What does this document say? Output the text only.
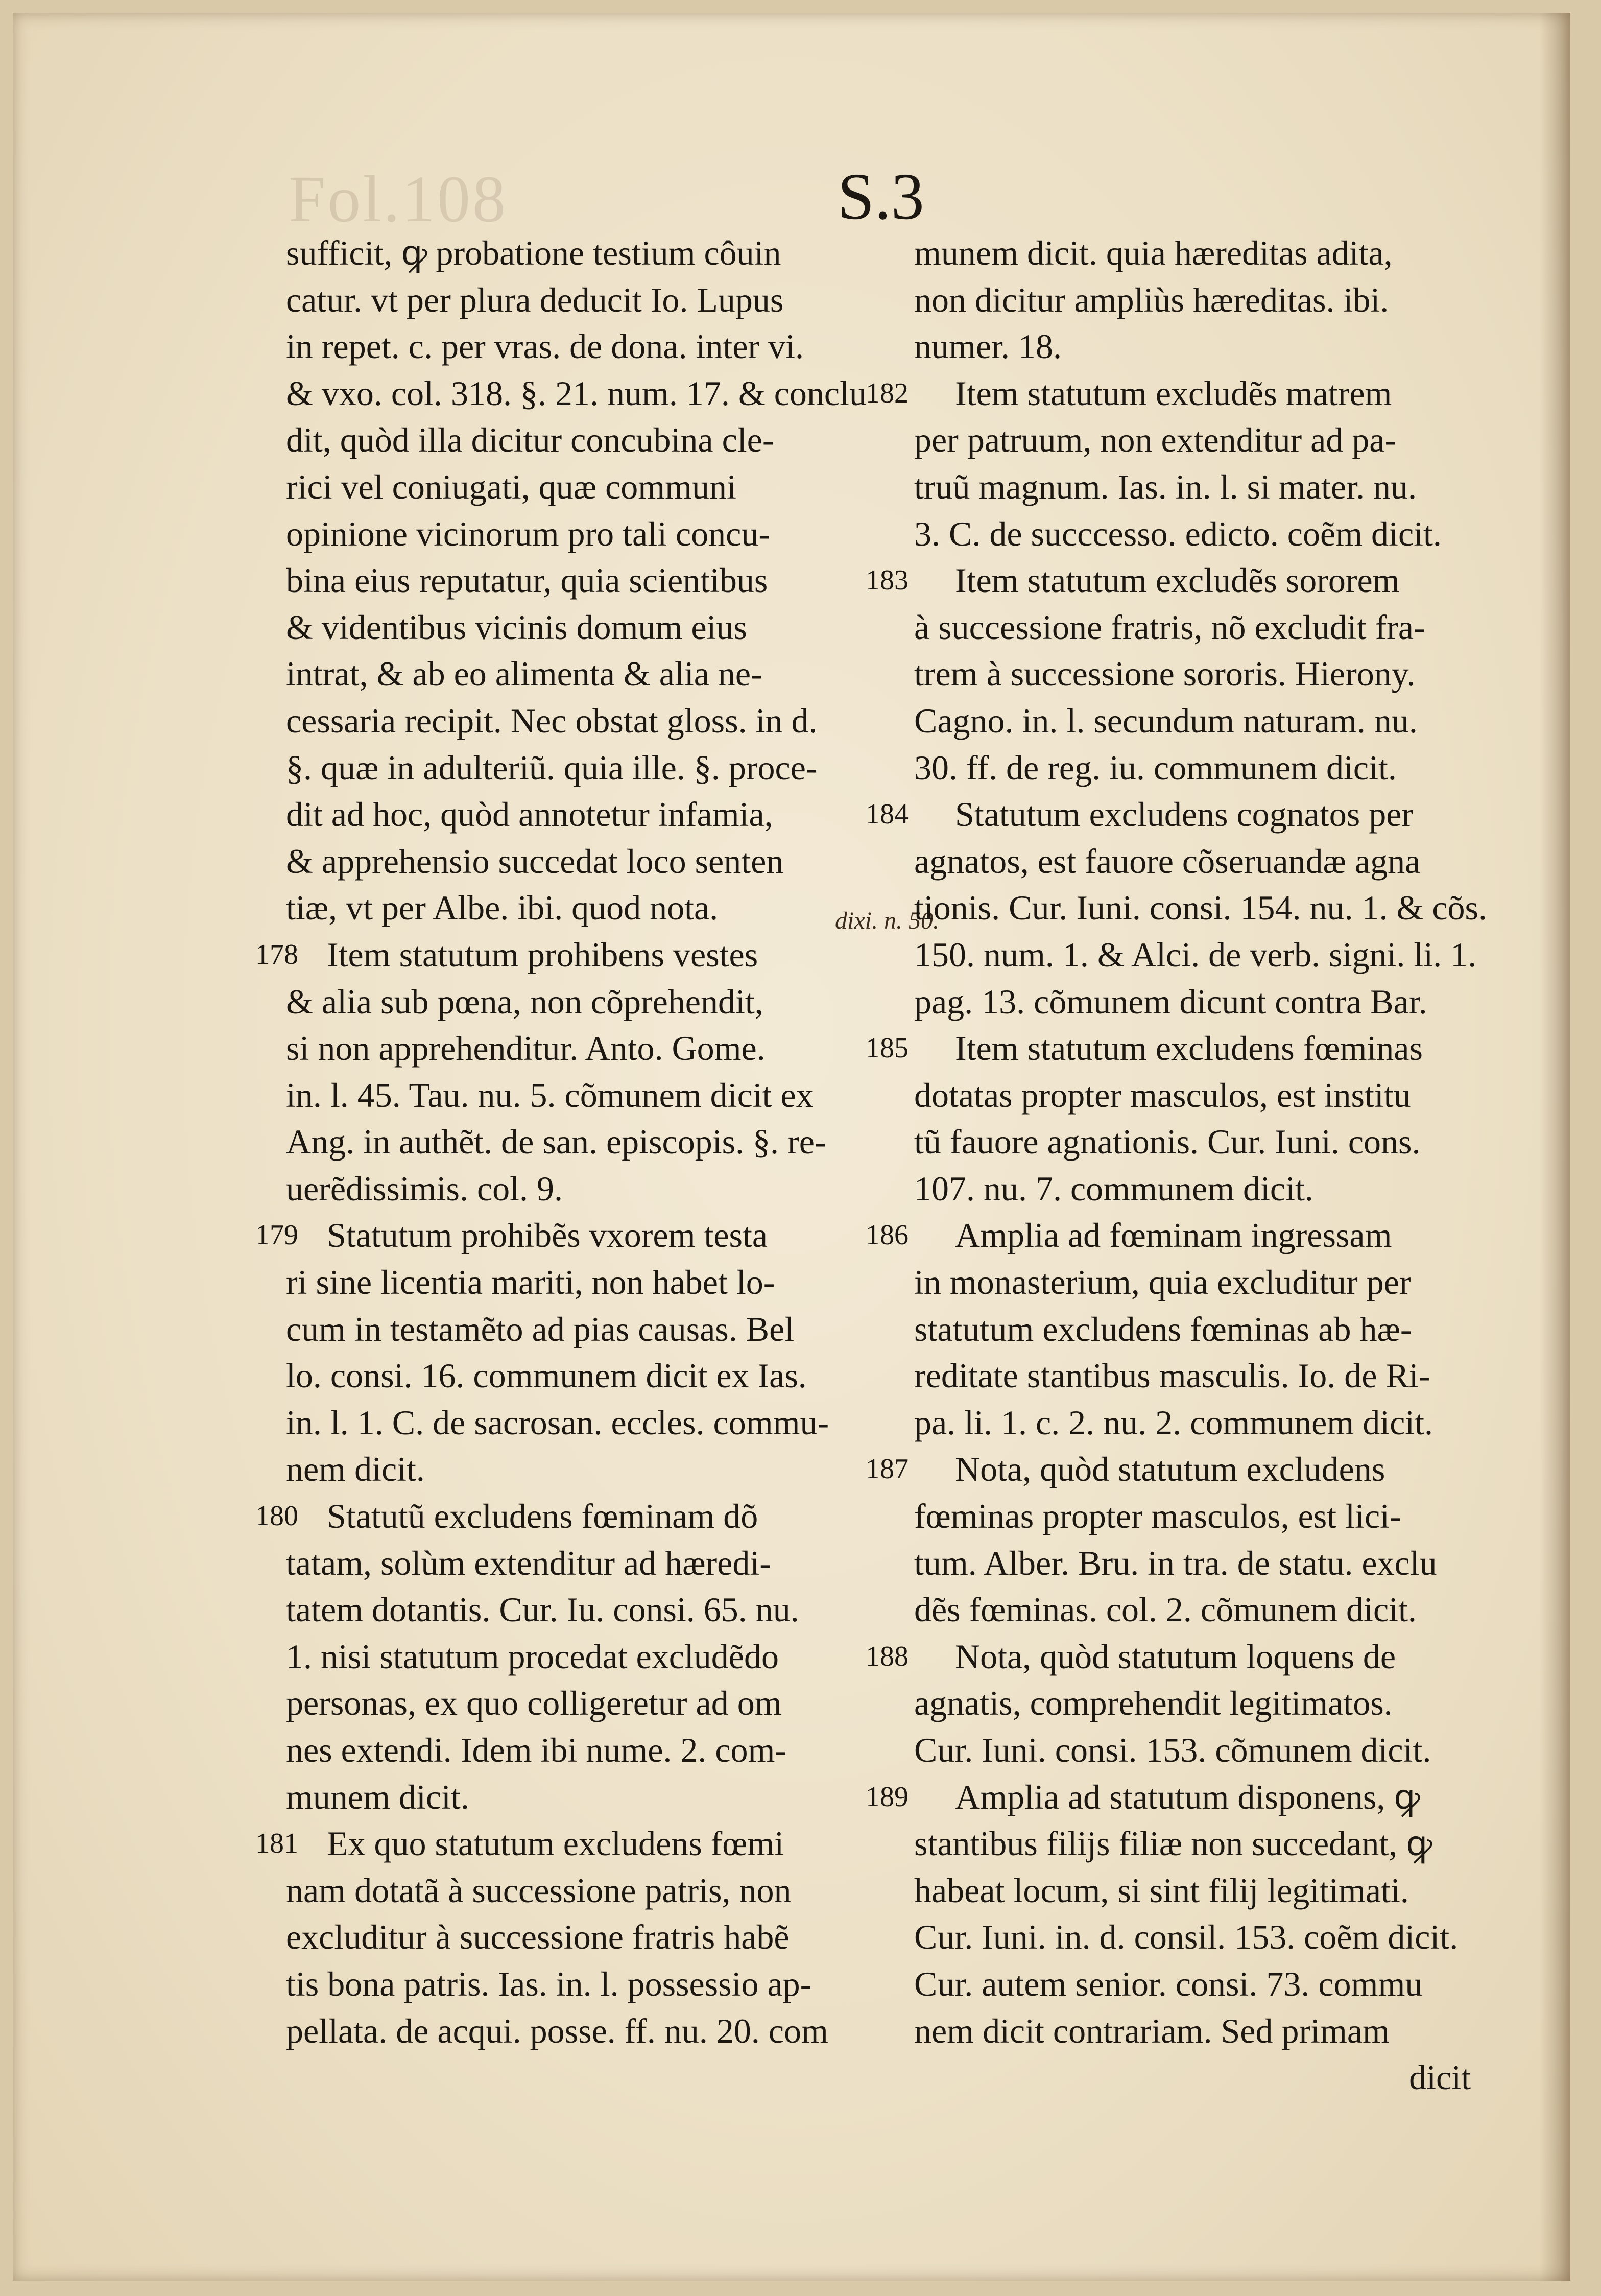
Fol.108	S.3
dixi. n. 50.
sufficit, ꝙ probatione testium côuin
catur. vt per plura deducit Io. Lupus
in repet. c. per vras. de dona. inter vi.
& vxo. col. 318. §. 21. num. 17. & conclu
dit, quòd illa dicitur concubina cle-
rici vel coniugati, quæ communi
opinione vicinorum pro tali concu-
bina eius reputatur, quia scientibus
& videntibus vicinis domum eius
intrat, & ab eo alimenta & alia ne-
cessaria recipit. Nec obstat gloss. in d.
§. quæ in adulteriũ. quia ille. §. proce-
dit ad hoc, quòd annotetur infamia,
& apprehensio succedat loco senten
tiæ, vt per Albe. ibi. quod nota.
178 Item statutum prohibens vestes
& alia sub pœna, non cõprehendit,
si non apprehenditur. Anto. Gome.
in. l. 45. Tau. nu. 5. cõmunem dicit ex
Ang. in authẽt. de san. episcopis. §. re-
uerẽdissimis. col. 9.
179 Statutum prohibẽs vxorem testa
ri sine licentia mariti, non habet lo-
cum in testamẽto ad pias causas. Bel
lo. consi. 16. communem dicit ex Ias.
in. l. 1. C. de sacrosan. eccles. commu-
nem dicit.
180 Statutũ excludens fœminam dõ
tatam, solùm extenditur ad hæredi-
tatem dotantis. Cur. Iu. consi. 65. nu.
1. nisi statutum procedat excludẽdo
personas, ex quo colligeretur ad om
nes extendi. Idem ibi nume. 2. com-
munem dicit.
181 Ex quo statutum excludens fœmi
nam dotatã à successione patris, non
excluditur à successione fratris habẽ
tis bona patris. Ias. in. l. possessio ap-
pellata. de acqui. posse. ff. nu. 20. com
munem dicit. quia hæreditas adita,
non dicitur ampliùs hæreditas. ibi.
numer. 18.
182 Item statutum excludẽs matrem
per patruum, non extenditur ad pa-
truũ magnum. Ias. in. l. si mater. nu.
3. C. de succcesso. edicto. coẽm dicit.
183 Item statutum excludẽs sororem
à successione fratris, nõ excludit fra-
trem à successione sororis. Hierony.
Cagno. in. l. secundum naturam. nu.
30. ff. de reg. iu. communem dicit.
184 Statutum excludens cognatos per
agnatos, est fauore cõseruandæ agna
tionis. Cur. Iuni. consi. 154. nu. 1. & cõs.
150. num. 1. & Alci. de verb. signi. li. 1.
pag. 13. cõmunem dicunt contra Bar.
185 Item statutum excludens fœminas
dotatas propter masculos, est institu
tũ fauore agnationis. Cur. Iuni. cons.
107. nu. 7. communem dicit.
186 Amplia ad fœminam ingressam
in monasterium, quia excluditur per
statutum excludens fœminas ab hæ-
reditate stantibus masculis. Io. de Ri-
pa. li. 1. c. 2. nu. 2. communem dicit.
187 Nota, quòd statutum excludens
fœminas propter masculos, est lici-
tum. Alber. Bru. in tra. de statu. exclu
dẽs fœminas. col. 2. cõmunem dicit.
188 Nota, quòd statutum loquens de
agnatis, comprehendit legitimatos.
Cur. Iuni. consi. 153. cõmunem dicit.
189 Amplia ad statutum disponens, ꝙ
stantibus filijs filiæ non succedant, ꝙ
habeat locum, si sint filij legitimati.
Cur. Iuni. in. d. consil. 153. coẽm dicit.
Cur. autem senior. consi. 73. commu
nem dicit contrariam. Sed primam
dicit
